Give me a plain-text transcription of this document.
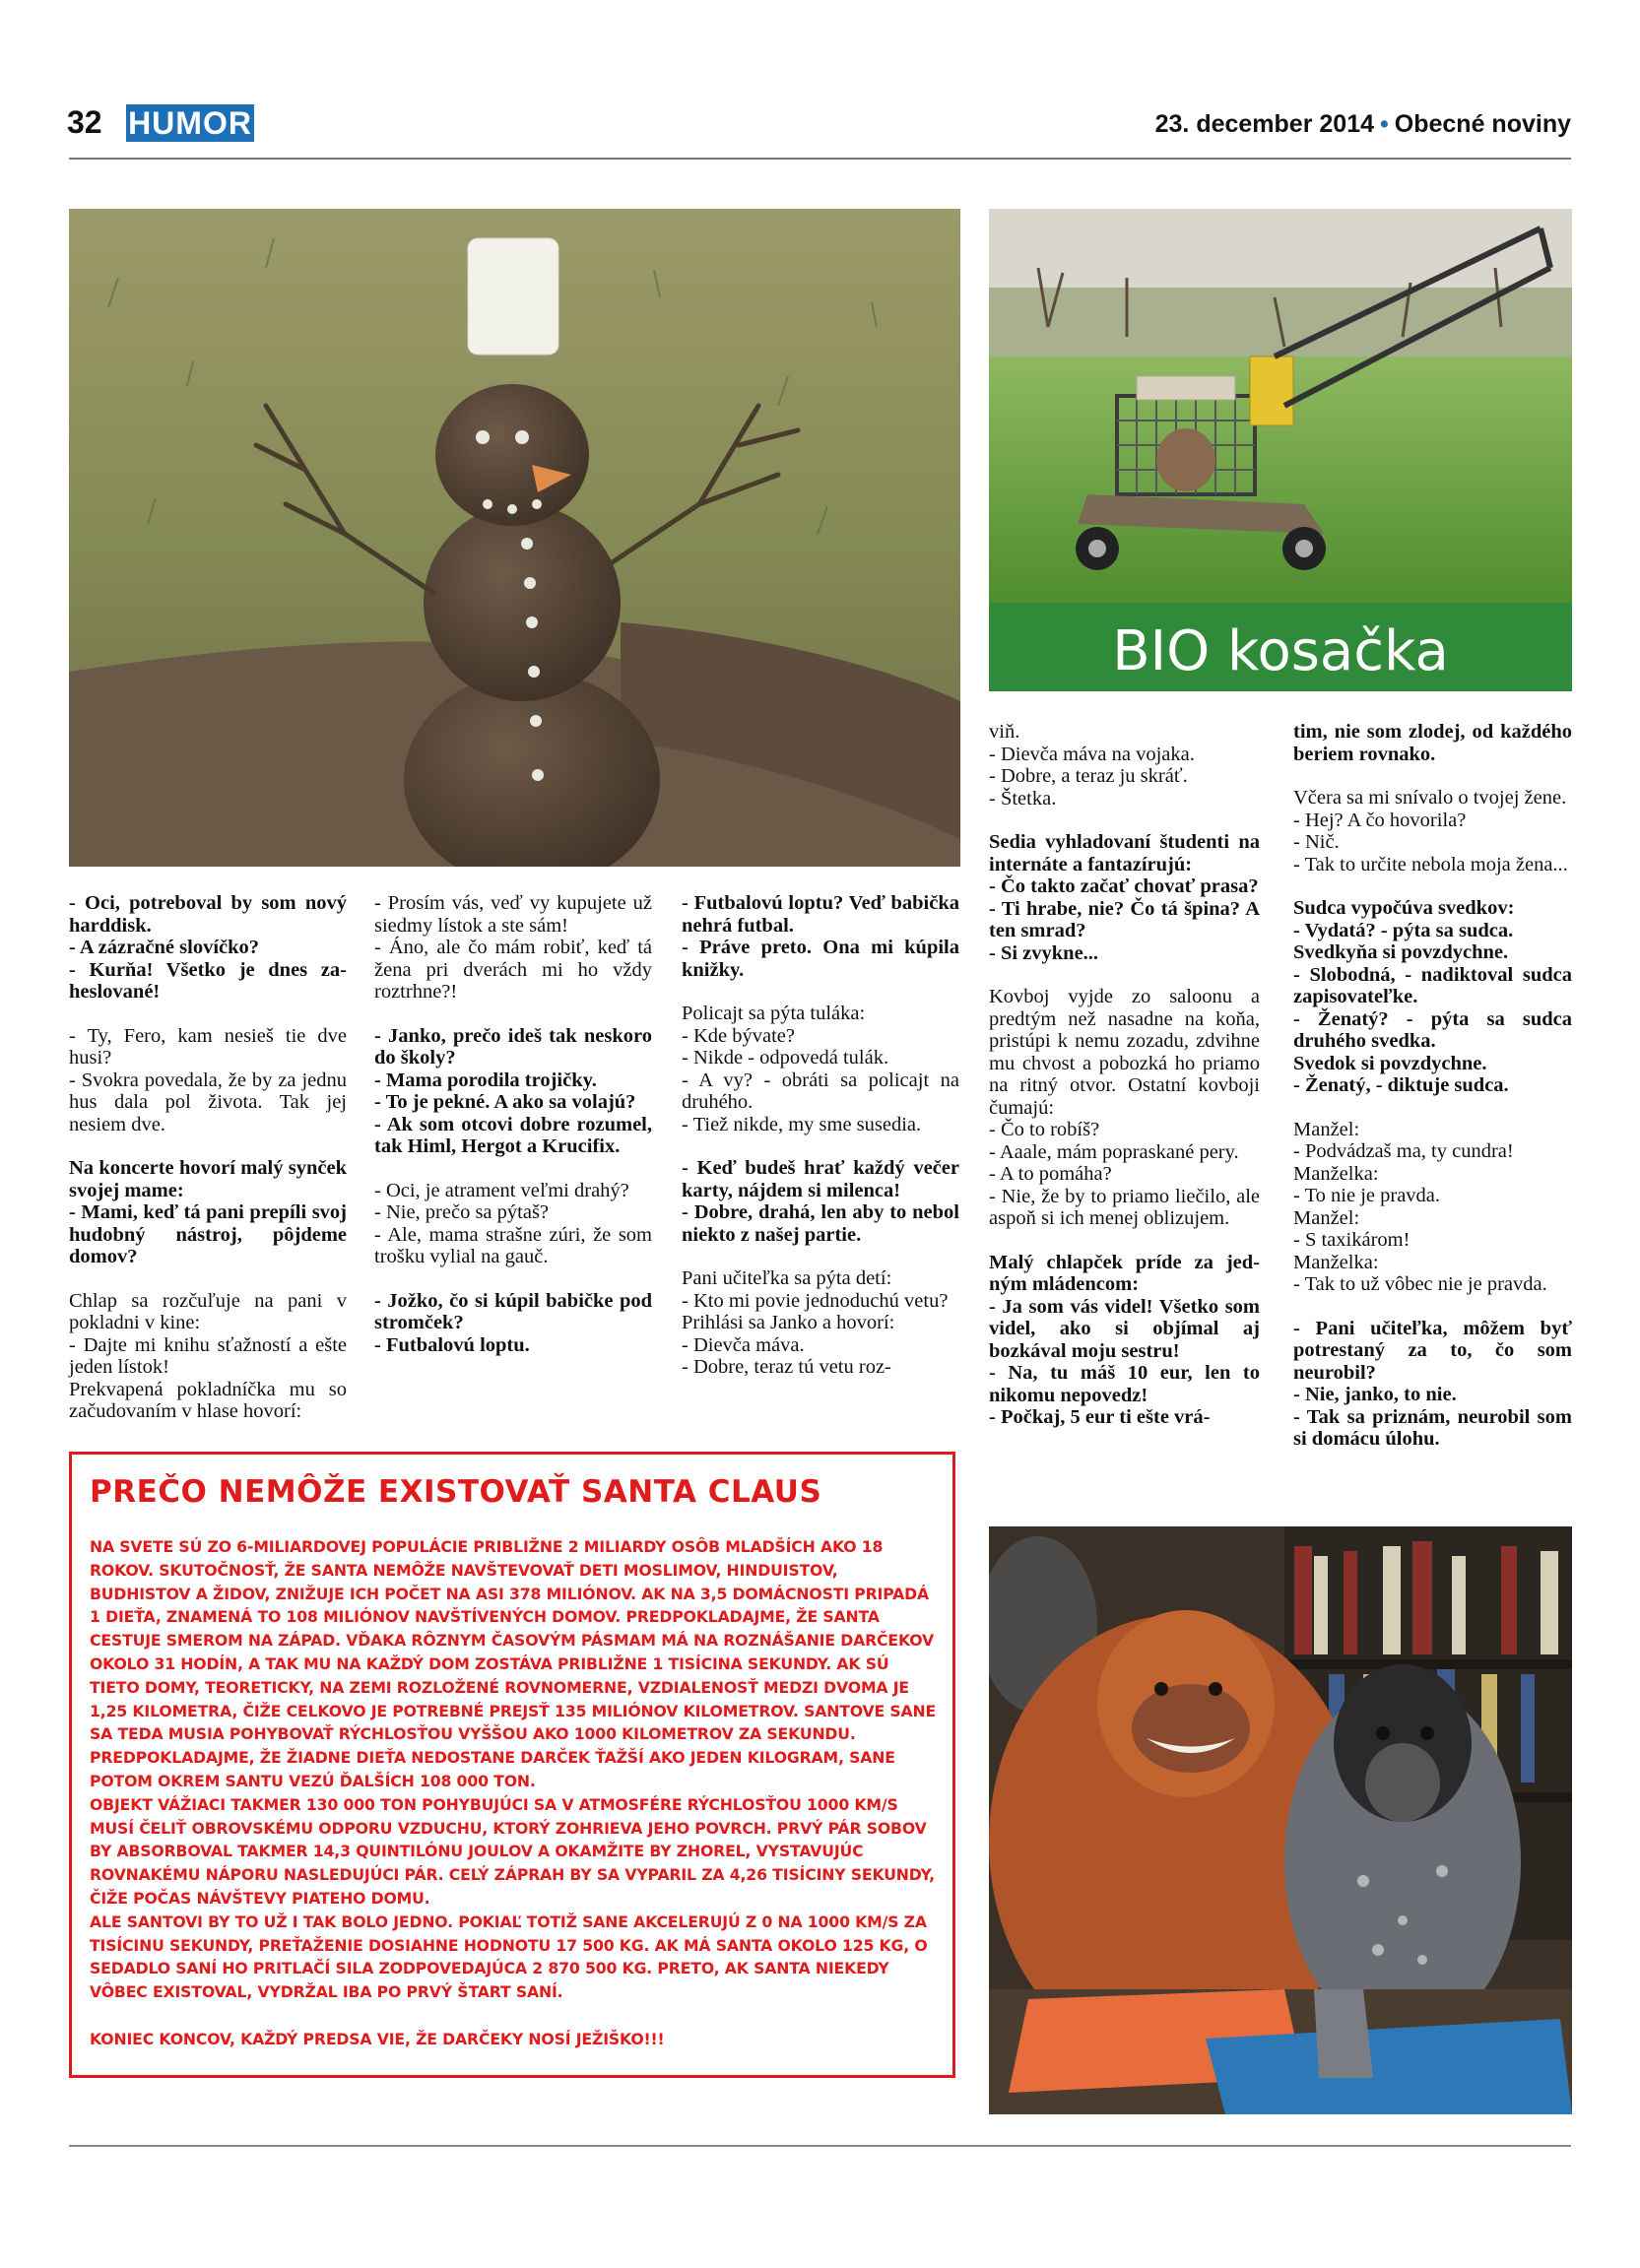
32 HUMOR	23. december 2014 • Obecné noviny
BIO kosačka

- Oci, potreboval by som nový harddisk.
- A zázračné slovíčko?
- Kurňa! Všetko je dnes zaheslované!

- Ty, Fero, kam nesieš tie dve husi?
- Svokra povedala, že by za jednu hus dala pol života. Tak jej nesiem dve.

Na koncerte hovorí malý synček svojej mame:
- Mami, keď tá pani prepíli svoj hudobný nástroj, pôjdeme domov?

Chlap sa rozčuľuje na pani v pokladni v kine:
- Dajte mi knihu sťažností a ešte jeden lístok!
Prekvapená pokladníčka mu so začudovaním v hlase hovorí:

- Prosím vás, veď vy kupujete už siedmy lístok a ste sám!
- Áno, ale čo mám robiť, keď tá žena pri dverách mi ho vždy roztrhne?!

- Janko, prečo ideš tak neskoro do školy?
- Mama porodila trojičky.
- To je pekné. A ako sa volajú?
- Ak som otcovi dobre rozumel, tak Himl, Hergot a Krucifix.

- Oci, je atrament veľmi drahý?
- Nie, prečo sa pýtaš?
- Ale, mama strašne zúri, že som trošku vylial na gauč.

- Jožko, čo si kúpil babičke pod stromček?
- Futbalovú loptu.

- Futbalovú loptu? Veď babička nehrá futbal.
- Práve preto. Ona mi kúpila knižky.

Policajt sa pýta tuláka:
- Kde bývate?
- Nikde - odpovedá tulák.
- A vy? - obráti sa policajt na druhého.
- Tiež nikde, my sme susedia.

- Keď budeš hrať každý večer karty, nájdem si milenca!
- Dobre, drahá, len aby to nebol niekto z našej partie.

Pani učiteľka sa pýta detí:
- Kto mi povie jednoduchú vetu?
Prihlási sa Janko a hovorí:
- Dievča máva.
- Dobre, teraz tú vetu roz-

viň.
- Dievča máva na vojaka.
- Dobre, a teraz ju skráť.
- Štetka.

Sedia vyhladovaní študenti na internáte a fantazírujú:
- Čo takto začať chovať prasa?
- Ti hrabe, nie? Čo tá špina? A ten smrad?
- Si zvykne...

Kovboj vyjde zo saloonu a predtým než nasadne na koňa, pristúpi k nemu zozadu, zdvihne mu chvost a pobozká ho priamo na ritný otvor. Ostatní kovboji čumajú:
- Čo to robíš?
- Aaale, mám popraskané pery.
- A to pomáha?
- Nie, že by to priamo liečilo, ale aspoň si ich menej oblizujem.

Malý chlapček príde za jedným mládencom:
- Ja som vás videl! Všetko som videl, ako si objímal aj bozkával moju sestru!
- Na, tu máš 10 eur, len to nikomu nepovedz!
- Počkaj, 5 eur ti ešte vrá-

tim, nie som zlodej, od každého beriem rovnako.

Včera sa mi snívalo o tvojej žene.
- Hej? A čo hovorila?
- Nič.
- Tak to určite nebola moja žena...

Sudca vypočúva svedkov:
- Vydatá? - pýta sa sudca.
Svedkyňa si povzdychne.
- Slobodná, - nadiktoval sudca zapisovateľke.
- Ženatý? - pýta sa sudca druhého svedka.
Svedok si povzdychne.
- Ženatý, - diktuje sudca.

Manžel:
- Podvádzaš ma, ty cundra!
Manželka:
- To nie je pravda.
Manžel:
- S taxikárom!
Manželka:
- Tak to už vôbec nie je pravda.

- Pani učiteľka, môžem byť potrestaný za to, čo som neurobil?
- Nie, janko, to nie.
- Tak sa priznám, neurobil som si domácu úlohu.

PREČO NEMÔŽE EXISTOVAŤ SANTA CLAUS

NA SVETE SÚ ZO 6-MILIARDOVEJ POPULÁCIE PRIBLIŽNE 2 MILIARDY OSÔB MLADŠÍCH AKO 18 ROKOV. SKUTOČNOSŤ, ŽE SANTA NEMÔŽE NAVŠTEVOVAŤ DETI MOSLIMOV, HINDUISTOV, BUDHISTOV A ŽIDOV, ZNIŽUJE ICH POČET NA ASI 378 MILIÓNOV. AK NA 3,5 DOMÁCNOSTI PRIPADÁ 1 DIEŤA, ZNAMENÁ TO 108 MILIÓNOV NAVŠTÍVENÝCH DOMOV. PREDPOKLADAJME, ŽE SANTA CESTUJE SMEROM NA ZÁPAD. VĎAKA RÔZNYM ČASOVÝM PÁSMAM MÁ NA ROZNÁŠANIE DARČEKOV OKOLO 31 HODÍN, A TAK MU NA KAŽDÝ DOM ZOSTÁVA PRIBLIŽNE 1 TISÍCINA SEKUNDY. AK SÚ TIETO DOMY, TEORETICKY, NA ZEMI ROZLOŽENÉ ROVNOMERNE, VZDIALENOSŤ MEDZI DVOMA JE 1,25 KILOMETRA, ČIŽE CELKOVO JE POTREBNÉ PREJSŤ 135 MILIÓNOV KILOMETROV. SANTOVE SANE SA TEDA MUSIA POHYBOVAŤ RÝCHLOSŤOU VYŠŠOU AKO 1000 KILOMETROV ZA SEKUNDU. PREDPOKLADAJME, ŽE ŽIADNE DIEŤA NEDOSTANE DARČEK ŤAŽŠÍ AKO JEDEN KILOGRAM, SANE POTOM OKREM SANTU VEZÚ ĎALŠÍCH 108 000 TON.

OBJEKT VÁŽIACI TAKMER 130 000 TON POHYBUJÚCI SA V ATMOSFÉRE RÝCHLOSŤOU 1000 KM/S MUSÍ ČELIŤ OBROVSKÉMU ODPORU VZDUCHU, KTORÝ ZOHRIEVA JEHO POVRCH. PRVÝ PÁR SOBOV BY ABSORBOVAL TAKMER 14,3 QUINTILÓNU JOULOV A OKAMŽITE BY ZHOREL, VYSTAVUJÚC ROVNAKÉMU NÁPORU NASLEDUJÚCI PÁR. CELÝ ZÁPRAH BY SA VYPARIL ZA 4,26 TISÍCINY SEKUNDY, ČIŽE POČAS NÁVŠTEVY PIATEHO DOMU.

ALE SANTOVI BY TO UŽ I TAK BOLO JEDNO. POKIAĽ TOTIŽ SANE AKCELERUJÚ Z 0 NA 1000 KM/S ZA TISÍCINU SEKUNDY, PREŤAŽENIE DOSIAHNE HODNOTU 17 500 KG. AK MÁ SANTA OKOLO 125 KG, O SEDADLO SANÍ HO PRITLAČÍ SILA ZODPOVEDAJÚCA 2 870 500 KG. PRETO, AK SANTA NIEKEDY VÔBEC EXISTOVAL, VYDRŽAL IBA PO PRVÝ ŠTART SANÍ.

KONIEC KONCOV, KAŽDÝ PREDSA VIE, ŽE DARČEKY NOSÍ JEŽIŠKO!!!
